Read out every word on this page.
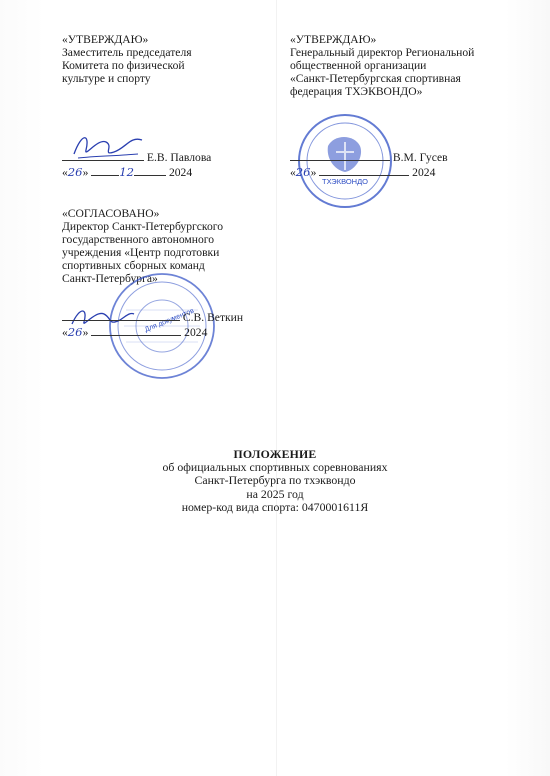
«УТВЕРЖДАЮ»
Заместитель председателя
Комитета по физической
культуре и спорту
Е.В. Павлова
«26» 12	2024
«УТВЕРЖДАЮ»
Генеральный директор Региональной
общественной организации
«Санкт-Петербургская спортивная
федерация ТХЭКВОНДО»
ТХЭКВОНДО
В.М. Гусев
«26»	2024
«СОГЛАСОВАНО»
Директор Санкт-Петербургского
государственного автономного
учреждения «Центр подготовки
спортивных сборных команд
Санкт-Петербурга»
Для документов
С.В. Веткин
«26»	2024
ПОЛОЖЕНИЕ
об официальных спортивных соревнованиях
Санкт-Петербурга по тхэквондо
на 2025 год
номер-код вида спорта: 0470001611Я
